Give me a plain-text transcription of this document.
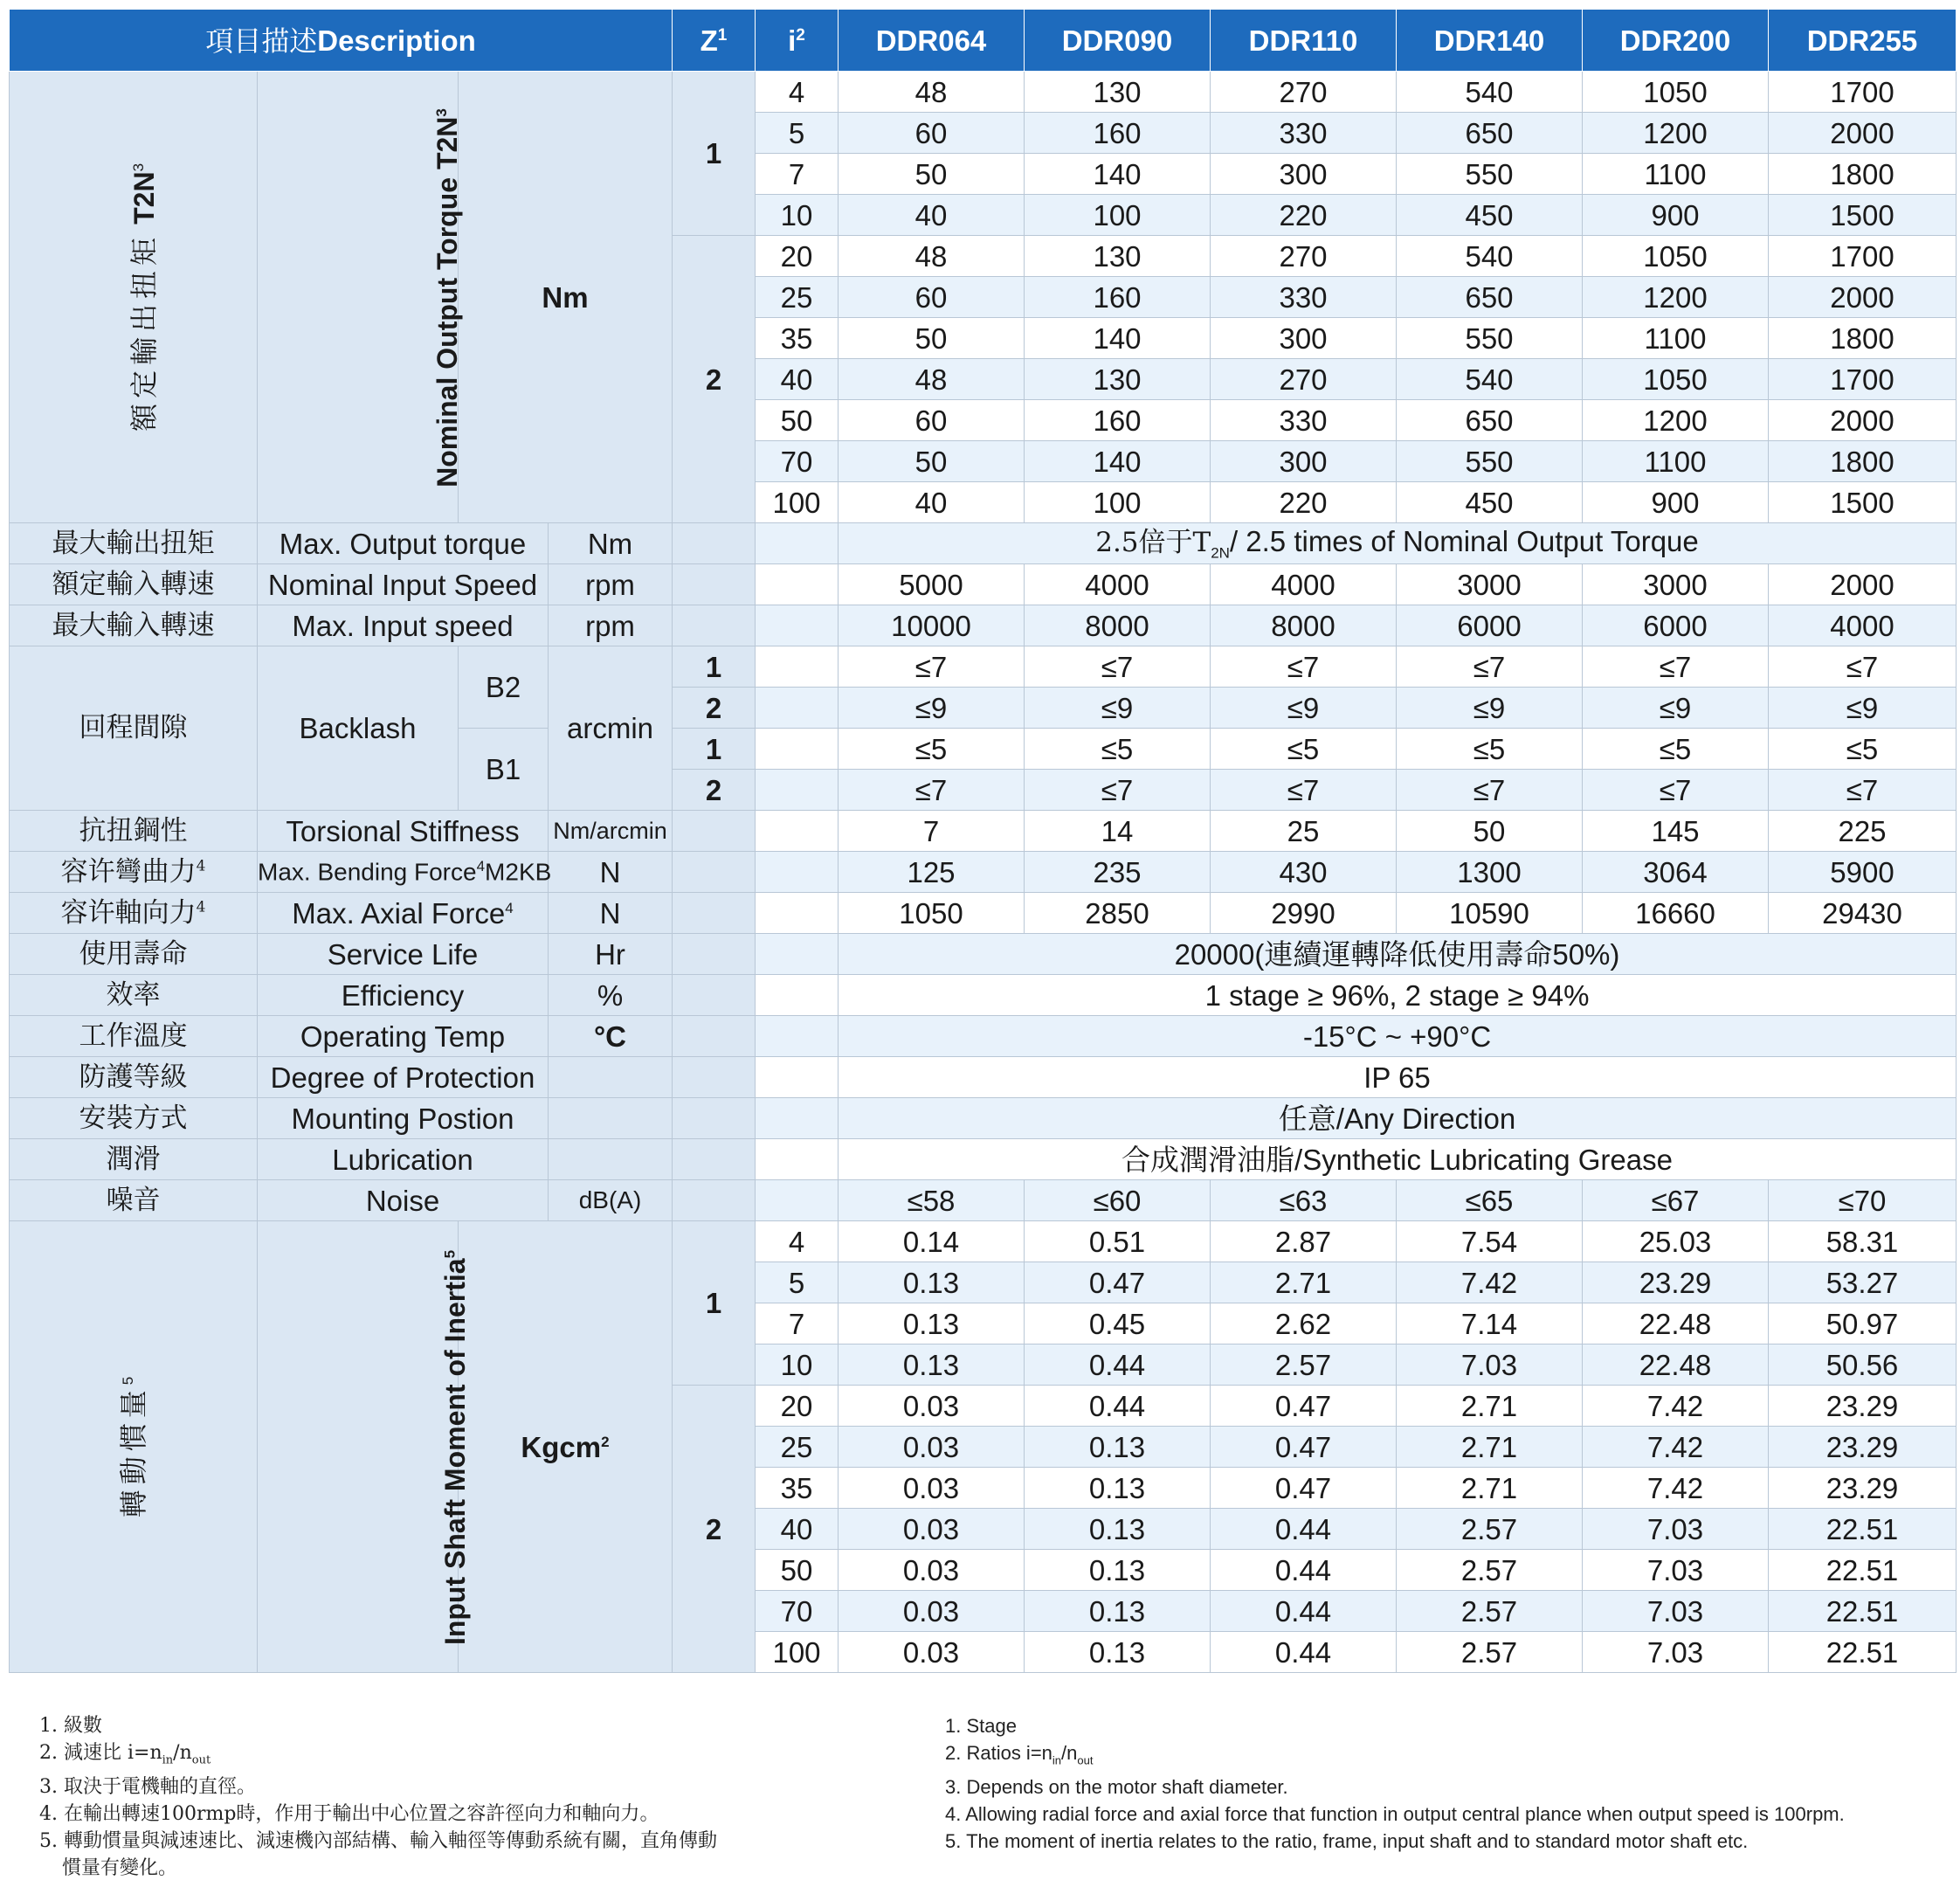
項目描述Description				$Z^1$	$i^2$	DDR064	DDR090	DDR110	DDR140	DDR200	DDR255
額定輸出扭矩 $T2N^3$	Nominal Output Torque $T2N^3$	Nm		1	4	48	130	270	540	1050	1700
					5	60	160	330	650	1200	2000
					7	50	140	300	550	1100	1800
					10	40	100	220	450	900	1500
				2	20	48	130	270	540	1050	1700
					25	60	160	330	650	1200	2000
					35	50	140	300	550	1100	1800
					40	48	130	270	540	1050	1700
					50	60	160	330	650	1200	2000
					70	50	140	300	550	1100	1800
					100	40	100	220	450	900	1500
最大輸出扭矩	Max. Output torque		Nm			2.5倍于$T_{2N}/$ 2.5 times of Nominal Output Torque					
額定輸入轉速	Nominal Input Speed		rpm			5000	4000	4000	3000	3000	2000
最大輸入轉速	Max. Input speed		rpm			10000	8000	8000	6000	6000	4000
回程間隙	Backlash	B2	arcmin	1		≤7	≤7	≤7	≤7	≤7	≤7
				2		≤9	≤9	≤9	≤9	≤9	≤9
		B1		1		≤5	≤5	≤5	≤5	≤5	≤5
				2		≤7	≤7	≤7	≤7	≤7	≤7
抗扭鋼性	Torsional Stiffness		Nm/arcmin			7	14	25	50	145	225
容许彎曲力$^4$	Max. Bending Force$^4$M2KB		N			125	235	430	1300	3064	5900
容许軸向力$^4$	Max. Axial Force$^4$		N			1050	2850	2990	10590	16660	29430
使用壽命	Service Life		Hr			20000(連續運轉降低使用壽命50%)					
效率	Efficiency		%			1 stage ≥ 96%, 2 stage ≥ 94%					
工作溫度	Operating Temp		°C			-15°C ~ +90°C					
防護等級	Degree of Protection					IP 65					
安裝方式	Mounting Postion					任意/Any Direction					
潤滑	Lubrication					合成潤滑油脂/Synthetic Lubricating Grease					
噪音	Noise		dB(A)			≤58	≤60	≤63	≤65	≤67	≤70
轉動慣量$^5$	Input Shaft Moment of Inertia$^5$	Kgcm$^2$		1	4	0.14	0.51	2.87	7.54	25.03	58.31
					5	0.13	0.47	2.71	7.42	23.29	53.27
					7	0.13	0.45	2.62	7.14	22.48	50.97
					10	0.13	0.44	2.57	7.03	22.48	50.56
				2	20	0.03	0.44	0.47	2.71	7.42	23.29
					25	0.03	0.13	0.47	2.71	7.42	23.29
					35	0.03	0.13	0.47	2.71	7.42	23.29
					40	0.03	0.13	0.44	2.57	7.03	22.51
					50	0.03	0.13	0.44	2.57	7.03	22.51
					70	0.03	0.13	0.44	2.57	7.03	22.51
					100	0.03	0.13	0.44	2.57	7.03	22.51
1. 級數
2. 減速比 $i=n_{in}/n_{out}$
3. 取決于電機軸的直徑。
4. 在輸出轉速100rmp時，作用于輸出中心位置之容許徑向力和軸向力。
5. 轉動慣量與減速速比、減速機內部結構、輸入軸徑等傳動系統有關，直角傳動
慣量有變化。
1. Stage
2. Ratios $i=n_{in}/n_{out}$
3. Depends on the motor shaft diameter.
4. Allowing radial force and axial force that function in output central plance when output speed is 100rpm.
5. The moment of inertia relates to the ratio, frame, input shaft and to standard motor shaft etc.
